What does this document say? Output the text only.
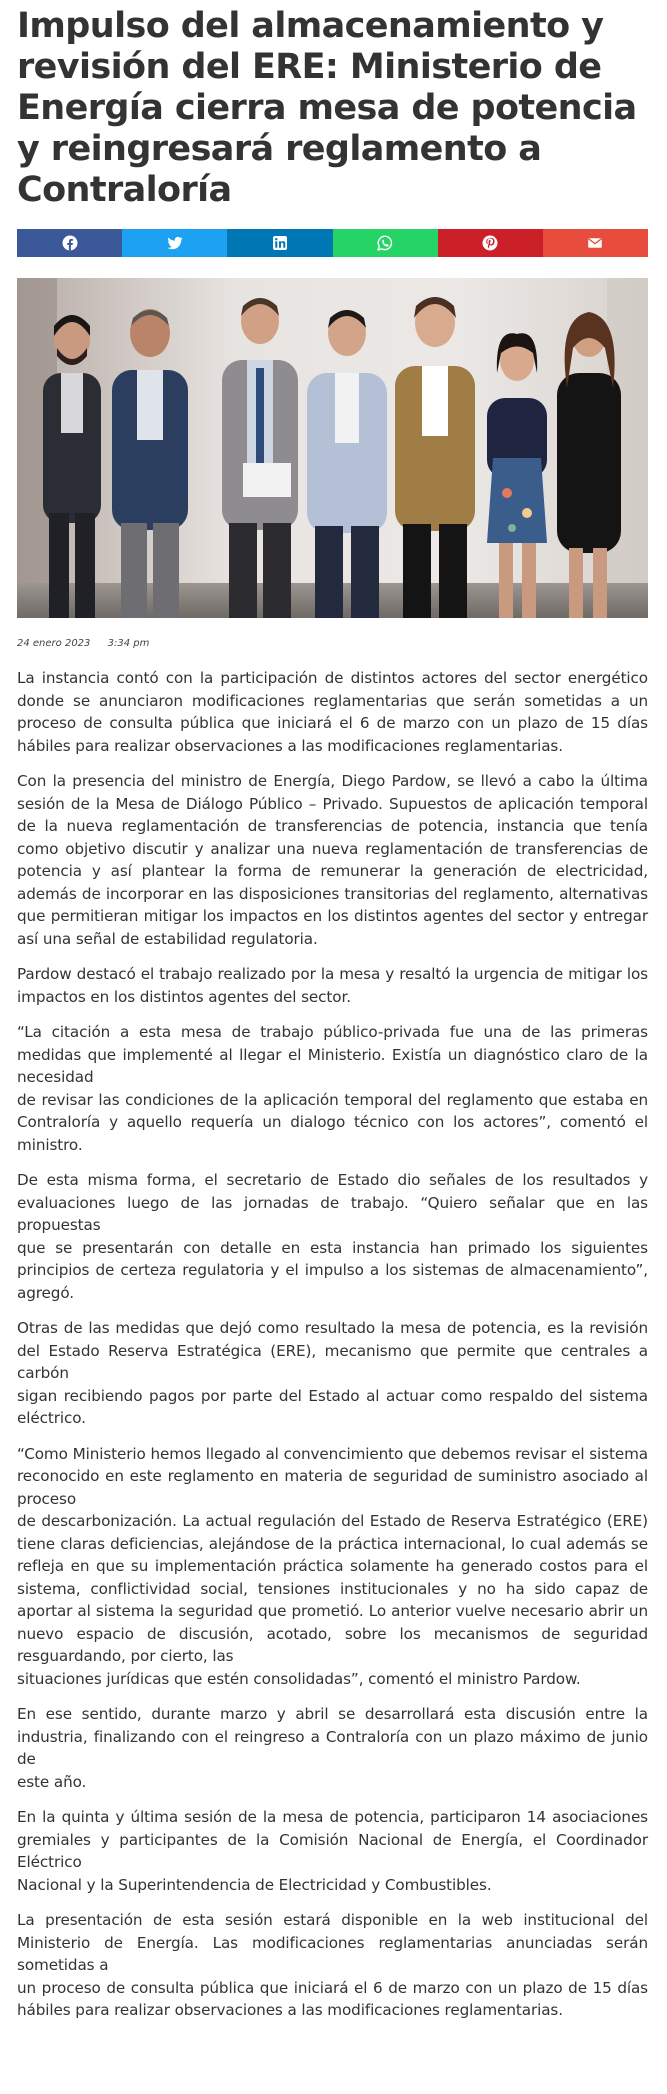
Impulso del almacenamiento y revisión del ERE: Ministerio de Energía cierra mesa de potencia y reingresará reglamento a Contraloría
24 enero 2023 3:34 pm

La instancia contó con la participación de distintos actores del sector energético donde se anunciaron modificaciones reglamentarias que serán sometidas a un proceso de consulta pública que iniciará el 6 de marzo con un plazo de 15 días hábiles para realizar observaciones a las modificaciones reglamentarias.

Con la presencia del ministro de Energía, Diego Pardow, se llevó a cabo la última sesión de la Mesa de Diálogo Público – Privado. Supuestos de aplicación temporal de la nueva reglamentación de transferencias de potencia, instancia que tenía como objetivo discutir y analizar una nueva reglamentación de transferencias de potencia y así plantear la forma de remunerar la generación de electricidad, además de incorporar en las disposiciones transitorias del reglamento, alternativas que permitieran mitigar los impactos en los distintos agentes del sector y entregar así una señal de estabilidad regulatoria.

Pardow destacó el trabajo realizado por la mesa y resaltó la urgencia de mitigar los impactos en los distintos agentes del sector.

“La citación a esta mesa de trabajo público-privada fue una de las primeras medidas que implementé al llegar el Ministerio. Existía un diagnóstico claro de la necesidad
de revisar las condiciones de la aplicación temporal del reglamento que estaba en Contraloría y aquello requería un dialogo técnico con los actores”, comentó el ministro.

De esta misma forma, el secretario de Estado dio señales de los resultados y evaluaciones luego de las jornadas de trabajo. “Quiero señalar que en las propuestas
que se presentarán con detalle en esta instancia han primado los siguientes principios de certeza regulatoria y el impulso a los sistemas de almacenamiento”, agregó.

Otras de las medidas que dejó como resultado la mesa de potencia, es la revisión del Estado Reserva Estratégica (ERE), mecanismo que permite que centrales a carbón
sigan recibiendo pagos por parte del Estado al actuar como respaldo del sistema eléctrico.

“Como Ministerio hemos llegado al convencimiento que debemos revisar el sistema reconocido en este reglamento en materia de seguridad de suministro asociado al proceso
de descarbonización. La actual regulación del Estado de Reserva Estratégico (ERE) tiene claras deficiencias, alejándose de la práctica internacional, lo cual además se refleja en que su implementación práctica solamente ha generado costos para el sistema, conflictividad social, tensiones institucionales y no ha sido capaz de aportar al sistema la seguridad que prometió. Lo anterior vuelve necesario abrir un nuevo espacio de discusión, acotado, sobre los mecanismos de seguridad resguardando, por cierto, las
situaciones jurídicas que estén consolidadas”, comentó el ministro Pardow.

En ese sentido, durante marzo y abril se desarrollará esta discusión entre la industria, finalizando con el reingreso a Contraloría con un plazo máximo de junio de
este año.

En la quinta y última sesión de la mesa de potencia, participaron 14 asociaciones gremiales y participantes de la Comisión Nacional de Energía, el Coordinador Eléctrico
Nacional y la Superintendencia de Electricidad y Combustibles.

La presentación de esta sesión estará disponible en la web institucional del Ministerio de Energía. Las modificaciones reglamentarias anunciadas serán sometidas a
un proceso de consulta pública que iniciará el 6 de marzo con un plazo de 15 días hábiles para realizar observaciones a las modificaciones reglamentarias.
